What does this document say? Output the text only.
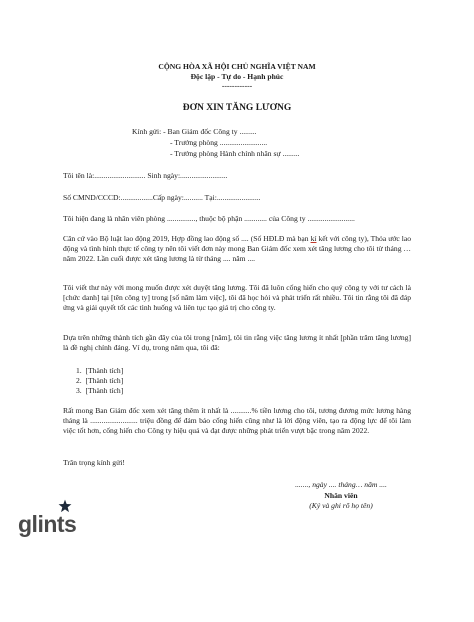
CỘNG HÒA XÃ HỘI CHỦ NGHĨA VIỆT NAM
Độc lập - Tự do - Hạnh phúc
------------
ĐƠN XIN TĂNG LƯƠNG
Kính gửi: - Ban Giám đốc Công ty .........
- Trưởng phòng .........................
- Trưởng phòng Hành chính nhân sự .........
Tôi tên là:........................... Sinh ngày:.........................
Số CMND/CCCD:.................Cấp ngày:.......... Tại:.......................
Tôi hiện đang là nhân viên phòng ..............., thuộc bộ phận ............ của Công ty .........................
Căn cứ vào Bộ luật lao động 2019, Hợp đồng lao động số .... (Số HĐLĐ mà bạn kí kết với công ty), Thỏa ước lao động và tình hình thực tế công ty nên tôi viết đơn này mong Ban Giám đốc xem xét tăng lương cho tôi từ tháng … năm 2022. Lần cuối được xét tăng lương là từ tháng .... năm ....
Tôi viết thư này với mong muốn được xét duyệt tăng lương. Tôi đã luôn cống hiến cho quý công ty với tư cách là [chức danh] tại [tên công ty] trong [số năm làm việc], tôi đã học hỏi và phát triển rất nhiều. Tôi tin rằng tôi đã đáp ứng và giải quyết tốt các tình huống và liên tục tạo giá trị cho công ty.
Dựa trên những thành tích gần đây của tôi trong [năm], tôi tin rằng việc tăng lương ít nhất [phần trăm tăng lương] là đề nghị chính đáng. Ví dụ, trong năm qua, tôi đã:
1. [Thành tích]
2. [Thành tích]
3. [Thành tích]
Rất mong Ban Giám đốc xem xét tăng thêm ít nhất là ...........% tiền lương cho tôi, tương đương mức lương hàng tháng là ......................... triệu đồng để đảm bảo cống hiến cũng như là lời động viên, tạo ra động lực để tôi làm việc tốt hơn, cống hiến cho Công ty hiệu quả và đạt được những phát triển vượt bậc trong năm 2022.
Trân trọng kính gửi!
......., ngày .... tháng… năm ....
Nhân viên
(Ký và ghi rõ họ tên)
glints
